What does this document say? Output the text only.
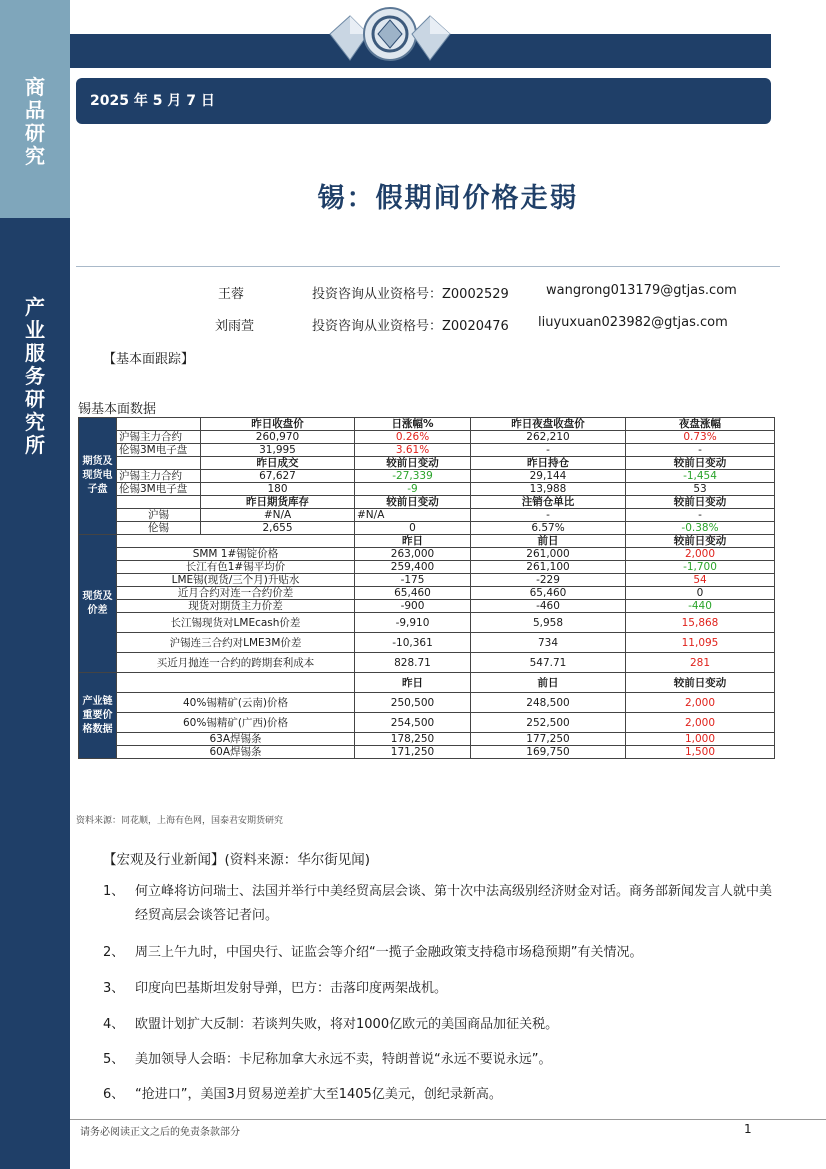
商
品
研
究
产
业
服
务
研
究
所
2025 年 5 月 7 日
锡：假期间价格走弱
王蓉	投资咨询从业资格号：Z0002529	wangrong013179@gtjas.com
刘雨萱	投资咨询从业资格号：Z0020476 liuyuxuan023982@gtjas.com
【基本面跟踪】
锡基本面数据
期货及现货电子盘		昨日收盘价	日涨幅%	昨日夜盘收盘价	夜盘涨幅
	沪锡主力合约	260,970	0.26%	262,210	0.73%
	伦锡3M电子盘	31,995	3.61%	-	-
		昨日成交	较前日变动	昨日持仓	较前日变动
	沪锡主力合约	67,627	-27,339	29,144	-1,454
	伦锡3M电子盘	180	-9	13,988	53
		昨日期货库存	较前日变动	注销仓单比	较前日变动
	沪锡	#N/A	#N/A	-	-
	伦锡	2,655	0	6.57%	-0.38%
现货及价差			昨日	前日	较前日变动
	SMM 1#锡锭价格		263,000	261,000	2,000
	长江有色1#锡平均价		259,400	261,100	-1,700
	LME锡(现货/三个月)升贴水		-175	-229	54
	近月合约对连一合约价差		65,460	65,460	0
	现货对期货主力价差		-900	-460	-440
	长江锡现货对LMEcash价差		-9,910	5,958	15,868
	沪锡连三合约对LME3M价差		-10,361	734	11,095
	买近月抛连一合约的跨期套利成本		828.71	547.71	281
产业链重要价格数据			昨日	前日	较前日变动
	40%锡精矿(云南)价格		250,500	248,500	2,000
	60%锡精矿(广西)价格		254,500	252,500	2,000
	63A焊锡条		178,250	177,250	1,000
	60A焊锡条		171,250	169,750	1,500
资料来源：同花顺，上海有色网，国泰君安期货研究
【宏观及行业新闻】(资料来源：华尔街见闻)
1、 何立峰将访问瑞士、法国并举行中美经贸高层会谈、第十次中法高级别经济财金对话。商务部新闻发言人就中美经贸高层会谈答记者问。
2、 周三上午九时，中国央行、证监会等介绍“一揽子金融政策支持稳市场稳预期”有关情况。
3、 印度向巴基斯坦发射导弹，巴方：击落印度两架战机。
4、 欧盟计划扩大反制：若谈判失败，将对1000亿欧元的美国商品加征关税。
5、 美加领导人会晤：卡尼称加拿大永远不卖，特朗普说“永远不要说永远”。
6、 “抢进口”，美国3月贸易逆差扩大至1405亿美元，创纪录新高。
请务必阅读正文之后的免责条款部分	1
